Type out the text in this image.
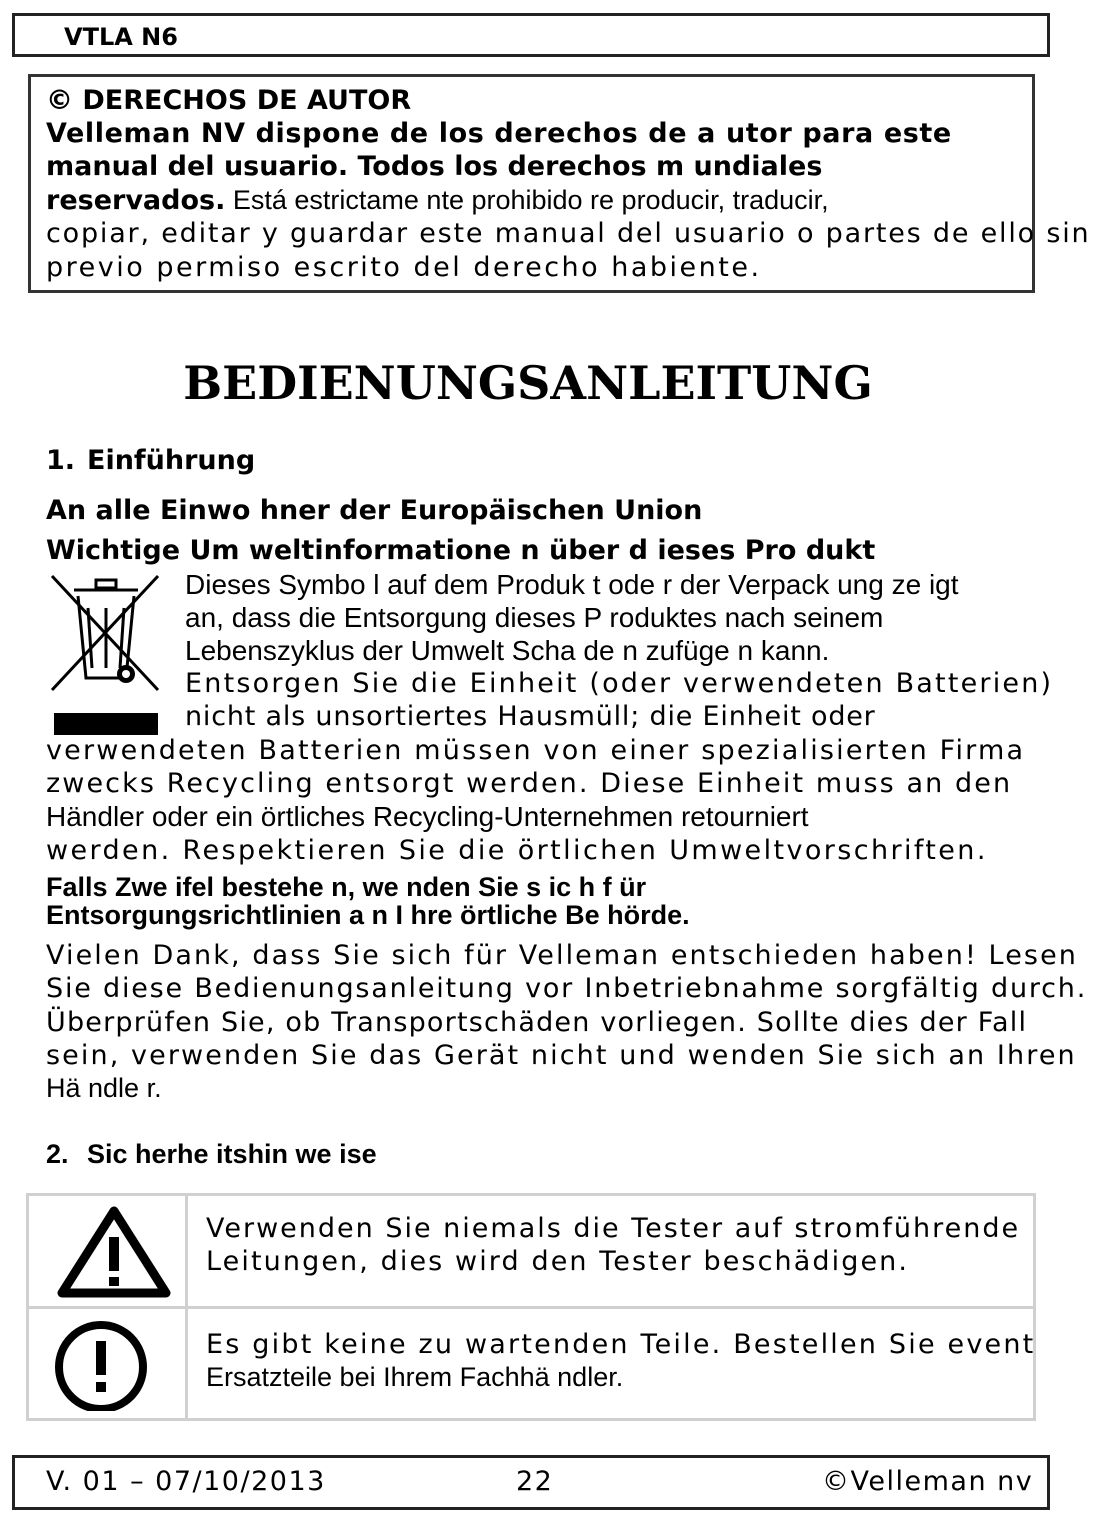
VTLA N6
© DERECHOS DE AUTOR
Velleman NV dispone de los derechos de a utor para este
manual del usuario. Todos los derechos m undiales
reservados. Está estrictame nte prohibido re producir, traducir,
copiar, editar y guardar este manual del usuario o partes de ello sin
previo permiso escrito del derecho habiente.
BEDIENUNGSANLEITUNG
1. Einführung
An alle Einwo hner der Europäischen Union
Wichtige Um weltinformatione n über d ieses Pro dukt
Dieses Symbo l auf dem Produk t ode r der Verpack ung ze igt
an, dass die Entsorgung dieses P roduktes nach seinem
Lebenszyklus der Umwelt Scha de n zufüge n kann.
Entsorgen Sie die Einheit (oder verwendeten Batterien)
nicht als unsortiertes Hausmüll; die Einheit oder
verwendeten Batterien müssen von einer spezialisierten Firma
zwecks Recycling entsorgt werden. Diese Einheit muss an den
Händler oder ein örtliches Recycling-Unternehmen retourniert
werden. Respektieren Sie die örtlichen Umweltvorschriften.
Falls Zwe ifel bestehe n, we nden Sie s ic h f ür
Entsorgungsrichtlinien a n I hre örtliche Be hörde.
Vielen Dank, dass Sie sich für Velleman entschieden haben! Lesen
Sie diese Bedienungsanleitung vor Inbetriebnahme sorgfältig durch.
Überprüfen Sie, ob Transportschäden vorliegen. Sollte dies der Fall
sein, verwenden Sie das Gerät nicht und wenden Sie sich an Ihren
Hä ndle r.
2. Sic herhe itshin we ise
Verwenden Sie niemals die Tester auf stromführende
Leitungen, dies wird den Tester beschädigen.
Es gibt keine zu wartenden Teile. Bestellen Sie event
Ersatzteile bei Ihrem Fachhä ndler.
V. 01 – 07/10/2013	22	©Velleman nv
